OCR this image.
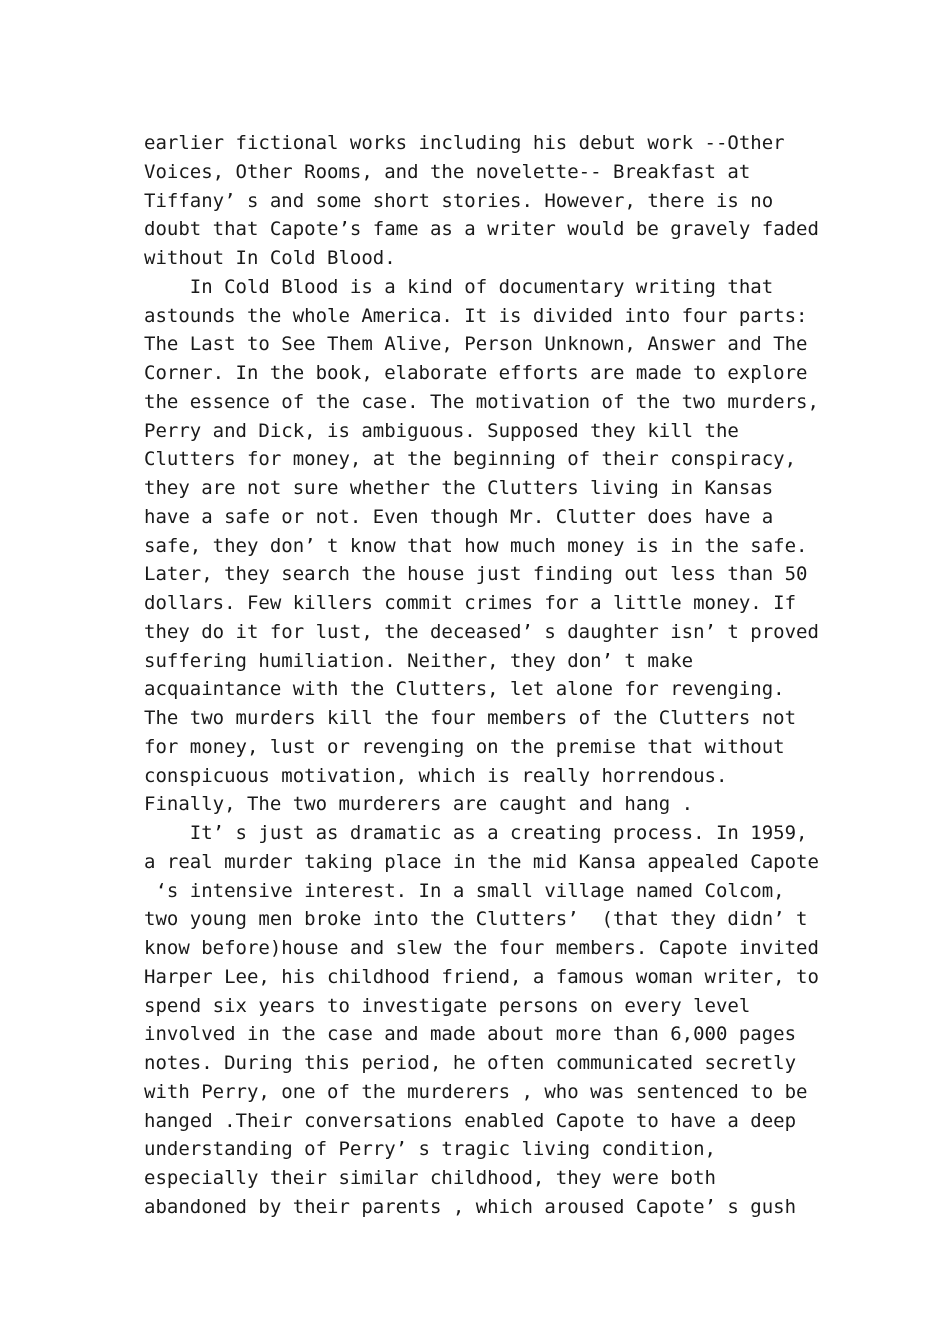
earlier fictional works including his debut work --Other
Voices, Other Rooms, and the novelette-- Breakfast at
Tiffany’ s and some short stories. However, there is no
doubt that Capote’s fame as a writer would be gravely faded
without In Cold Blood.
In Cold Blood is a kind of documentary writing that
astounds the whole America. It is divided into four parts:
The Last to See Them Alive, Person Unknown, Answer and The
Corner. In the book, elaborate efforts are made to explore
the essence of the case. The motivation of the two murders,
Perry and Dick, is ambiguous. Supposed they kill the
Clutters for money, at the beginning of their conspiracy,
they are not sure whether the Clutters living in Kansas
have a safe or not. Even though Mr. Clutter does have a
safe, they don’ t know that how much money is in the safe.
Later, they search the house just finding out less than 50
dollars. Few killers commit crimes for a little money. If
they do it for lust, the deceased’ s daughter isn’ t proved
suffering humiliation. Neither, they don’ t make
acquaintance with the Clutters, let alone for revenging.
The two murders kill the four members of the Clutters not
for money, lust or revenging on the premise that without
conspicuous motivation, which is really horrendous.
Finally, The two murderers are caught and hang .
It’ s just as dramatic as a creating process. In 1959,
a real murder taking place in the mid Kansa appealed Capote
‘s intensive interest. In a small village named Colcom,
two young men broke into the Clutters’  (that they didn’ t
know before)house and slew the four members. Capote invited
Harper Lee, his childhood friend, a famous woman writer, to
spend six years to investigate persons on every level
involved in the case and made about more than 6,000 pages
notes. During this period, he often communicated secretly
with Perry, one of the murderers , who was sentenced to be
hanged .Their conversations enabled Capote to have a deep
understanding of Perry’ s tragic living condition,
especially their similar childhood, they were both
abandoned by their parents , which aroused Capote’ s gush
